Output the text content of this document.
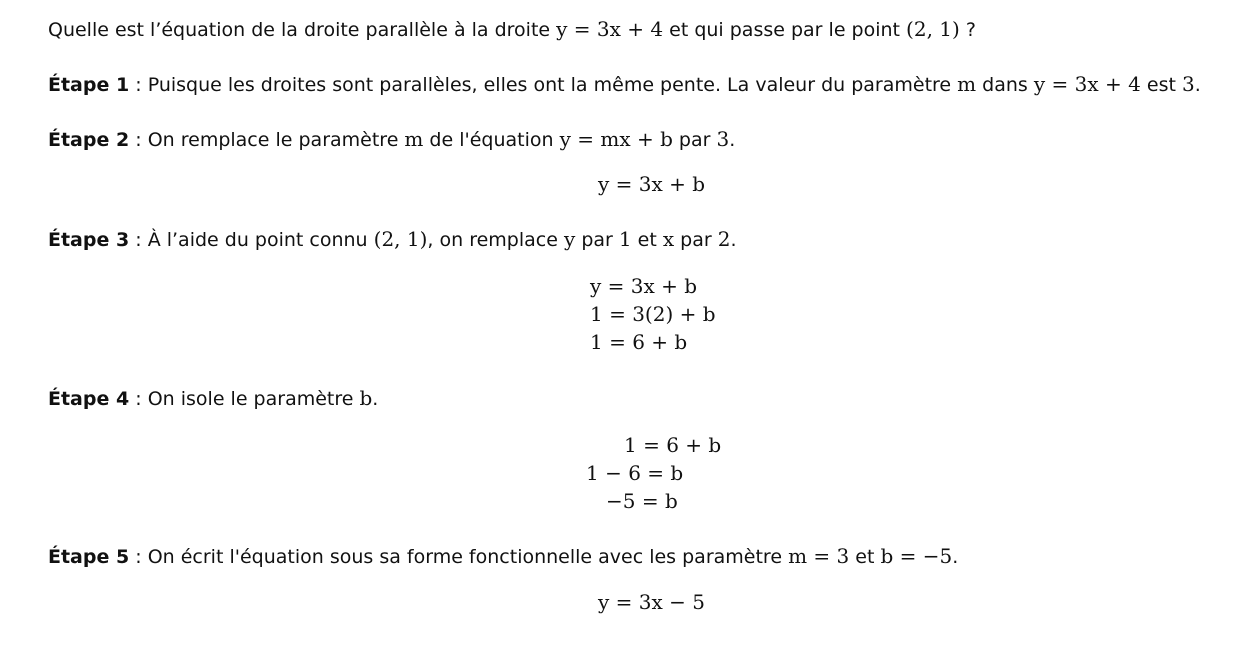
Quelle est l’équation de la droite parallèle à la droite y = 3x + 4 et qui passe par le point (2, 1) ?
Étape 1 : Puisque les droites sont parallèles, elles ont la même pente. La valeur du paramètre m dans y = 3x + 4 est 3.
Étape 2 : On remplace le paramètre m de l'équation y = mx + b par 3.
y = 3x + b
Étape 3 : À l’aide du point connu (2, 1), on remplace y par 1 et x par 2.
y = 3x + b
1 = 3(2) + b
1 = 6 + b
Étape 4 : On isole le paramètre b.
1 = 6 + b
1 − 6 = b
−5 = b
Étape 5 : On écrit l'équation sous sa forme fonctionnelle avec les paramètre m = 3 et b = −5.
y = 3x − 5
